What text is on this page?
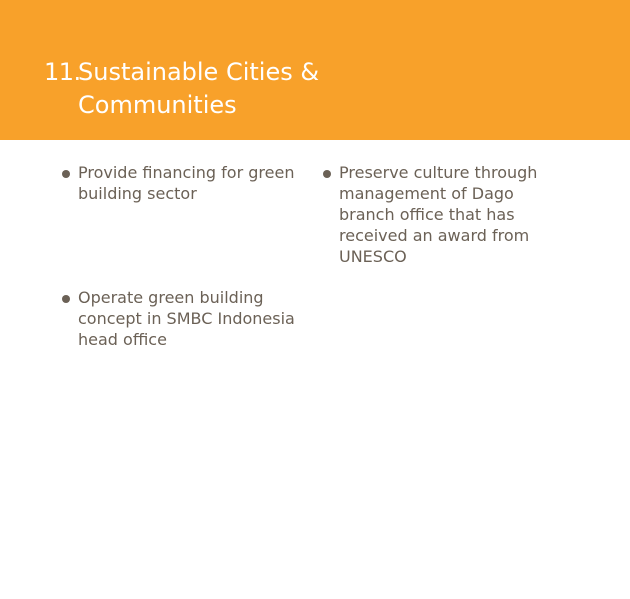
11.
Sustainable Cities & Communities

Provide financing for green building sector

Preserve culture through management of Dago branch office that has received an award from UNESCO

Operate green building concept in SMBC Indonesia head office
